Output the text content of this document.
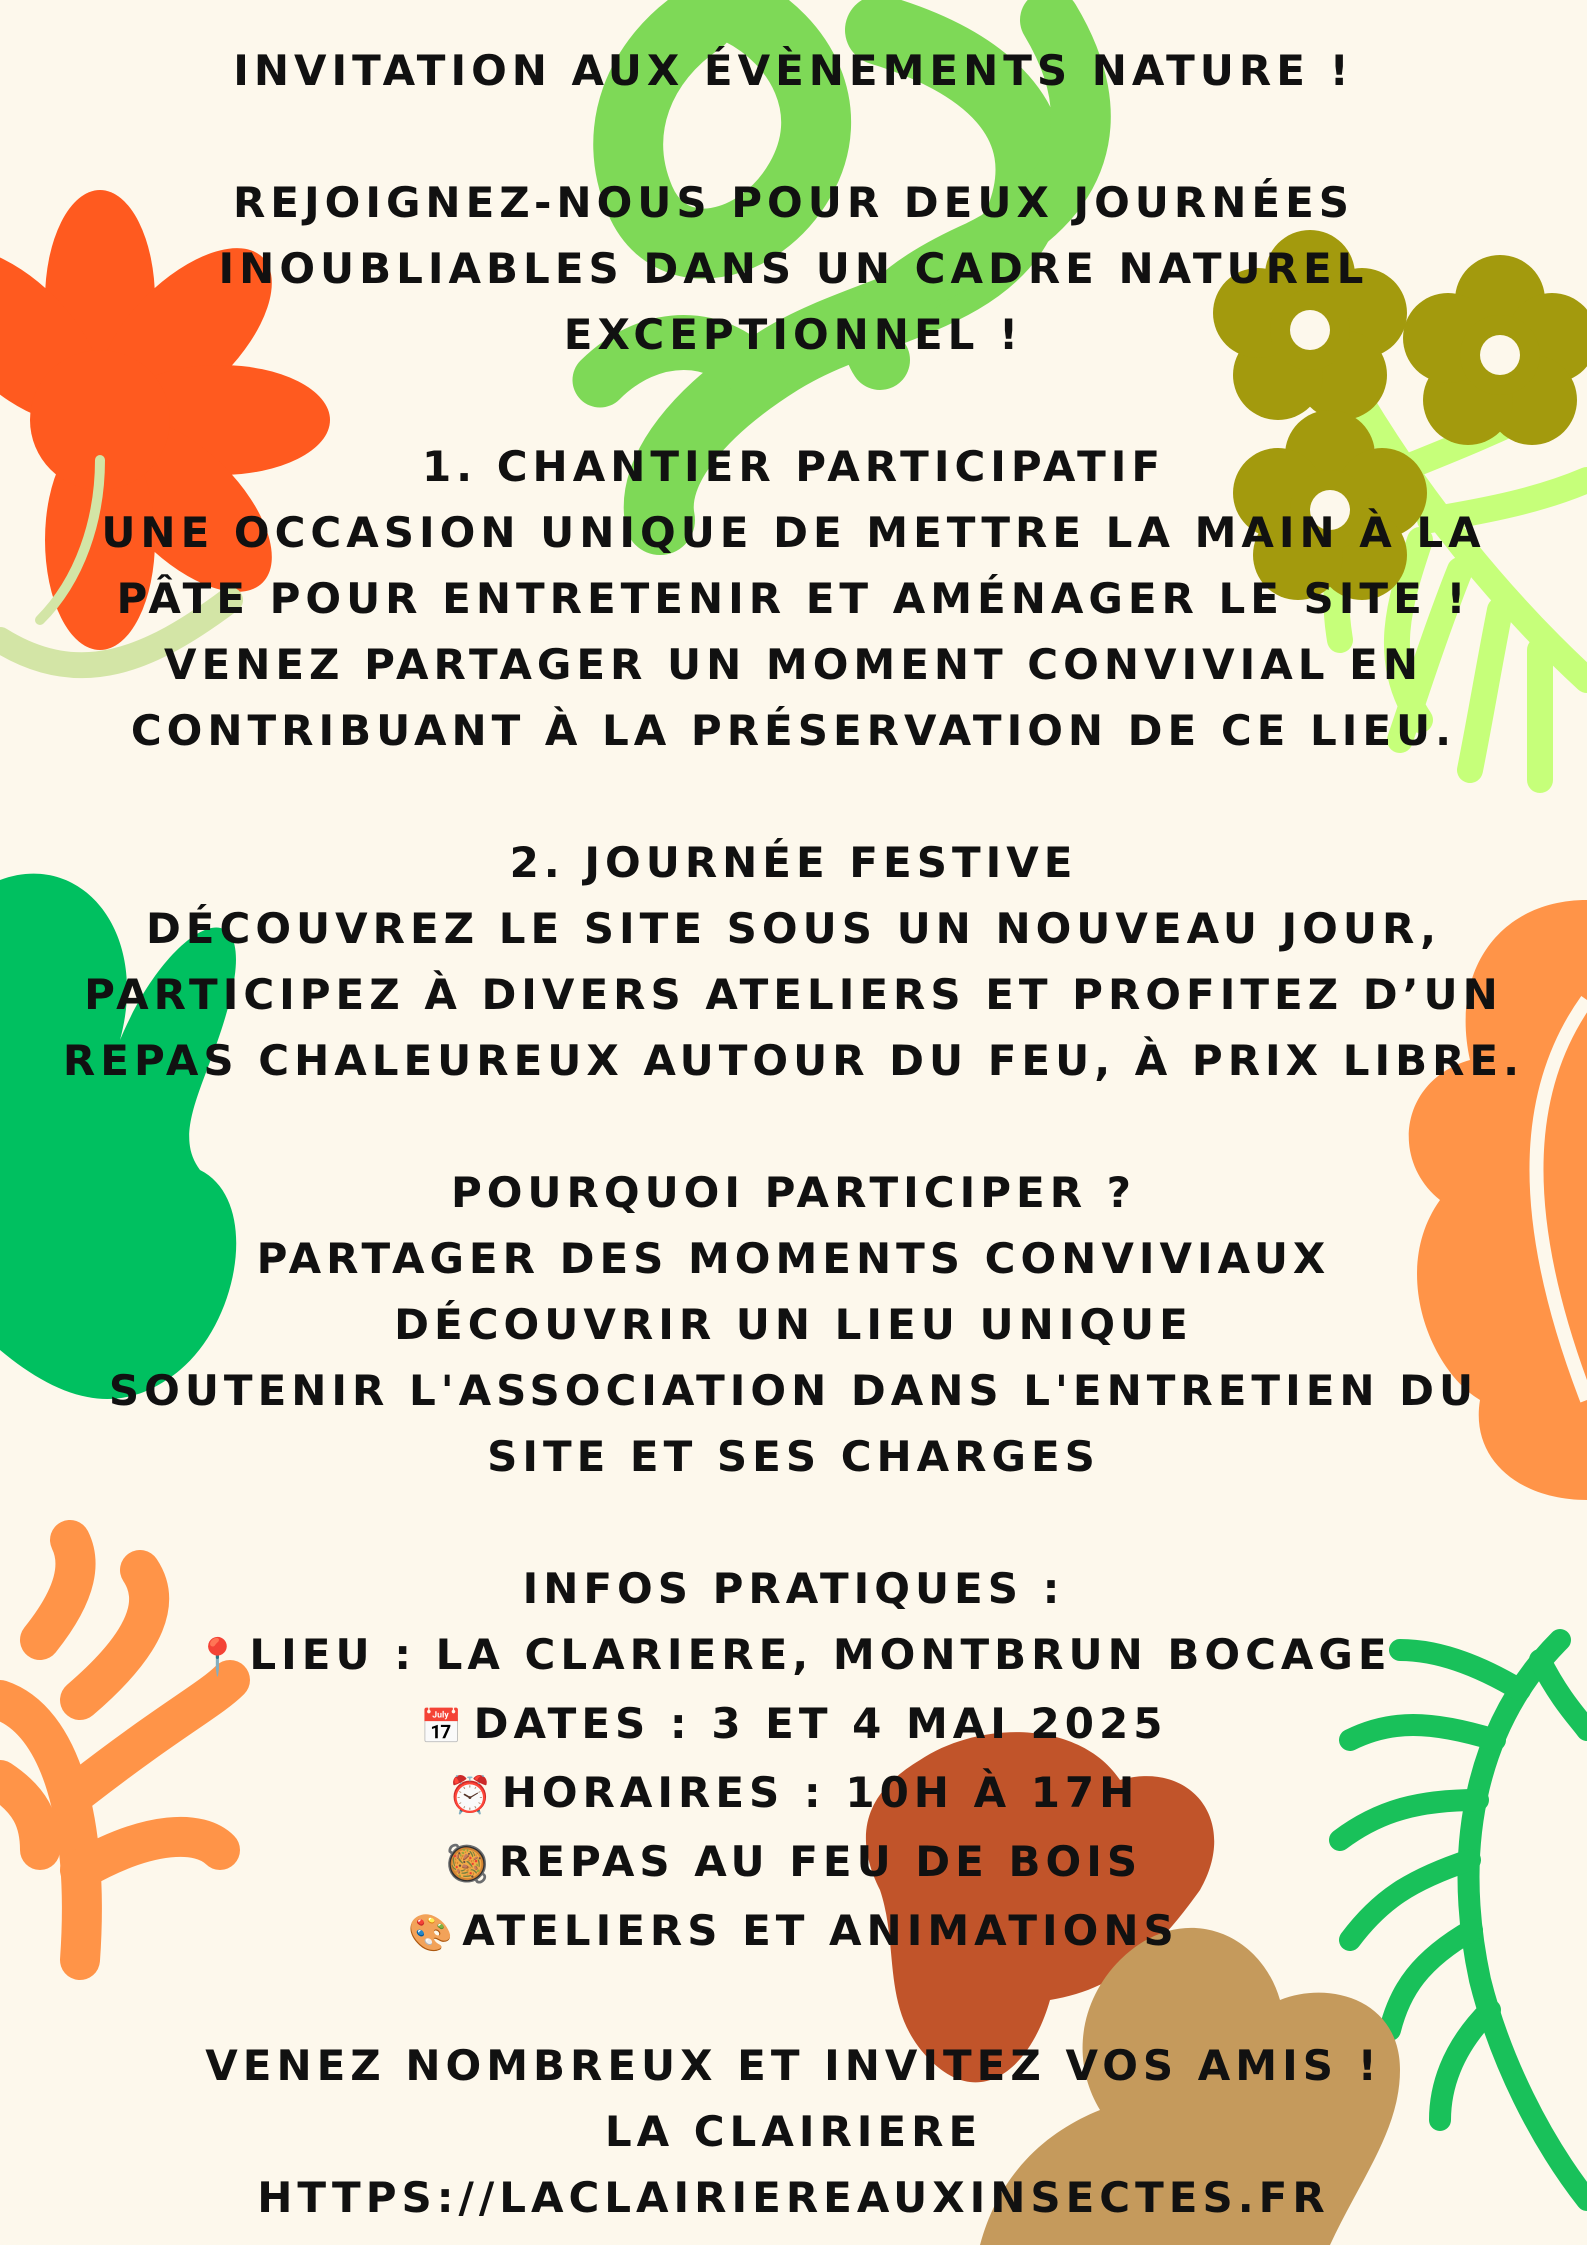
INVITATION AUX ÉVÈNEMENTS NATURE !
REJOIGNEZ-NOUS POUR DEUX JOURNÉES
INOUBLIABLES DANS UN CADRE NATUREL
EXCEPTIONNEL !
1. CHANTIER PARTICIPATIF
UNE OCCASION UNIQUE DE METTRE LA MAIN À LA
PÂTE POUR ENTRETENIR ET AMÉNAGER LE SITE !
VENEZ PARTAGER UN MOMENT CONVIVIAL EN
CONTRIBUANT À LA PRÉSERVATION DE CE LIEU.
2. JOURNÉE FESTIVE
DÉCOUVREZ LE SITE SOUS UN NOUVEAU JOUR,
PARTICIPEZ À DIVERS ATELIERS ET PROFITEZ D’UN
REPAS CHALEUREUX AUTOUR DU FEU, À PRIX LIBRE.
POURQUOI PARTICIPER ?
PARTAGER DES MOMENTS CONVIVIAUX
DÉCOUVRIR UN LIEU UNIQUE
SOUTENIR L'ASSOCIATION DANS L'ENTRETIEN DU
SITE ET SES CHARGES
INFOS PRATIQUES :
📍 LIEU : LA CLARIERE, MONTBRUN BOCAGE
📅 DATES : 3 ET 4 MAI 2025
⏰ HORAIRES : 10H À 17H
🥘 REPAS AU FEU DE BOIS
🎨 ATELIERS ET ANIMATIONS
VENEZ NOMBREUX ET INVITEZ VOS AMIS !
LA CLAIRIERE
HTTPS://LACLAIRIEREAUXINSECTES.FR
